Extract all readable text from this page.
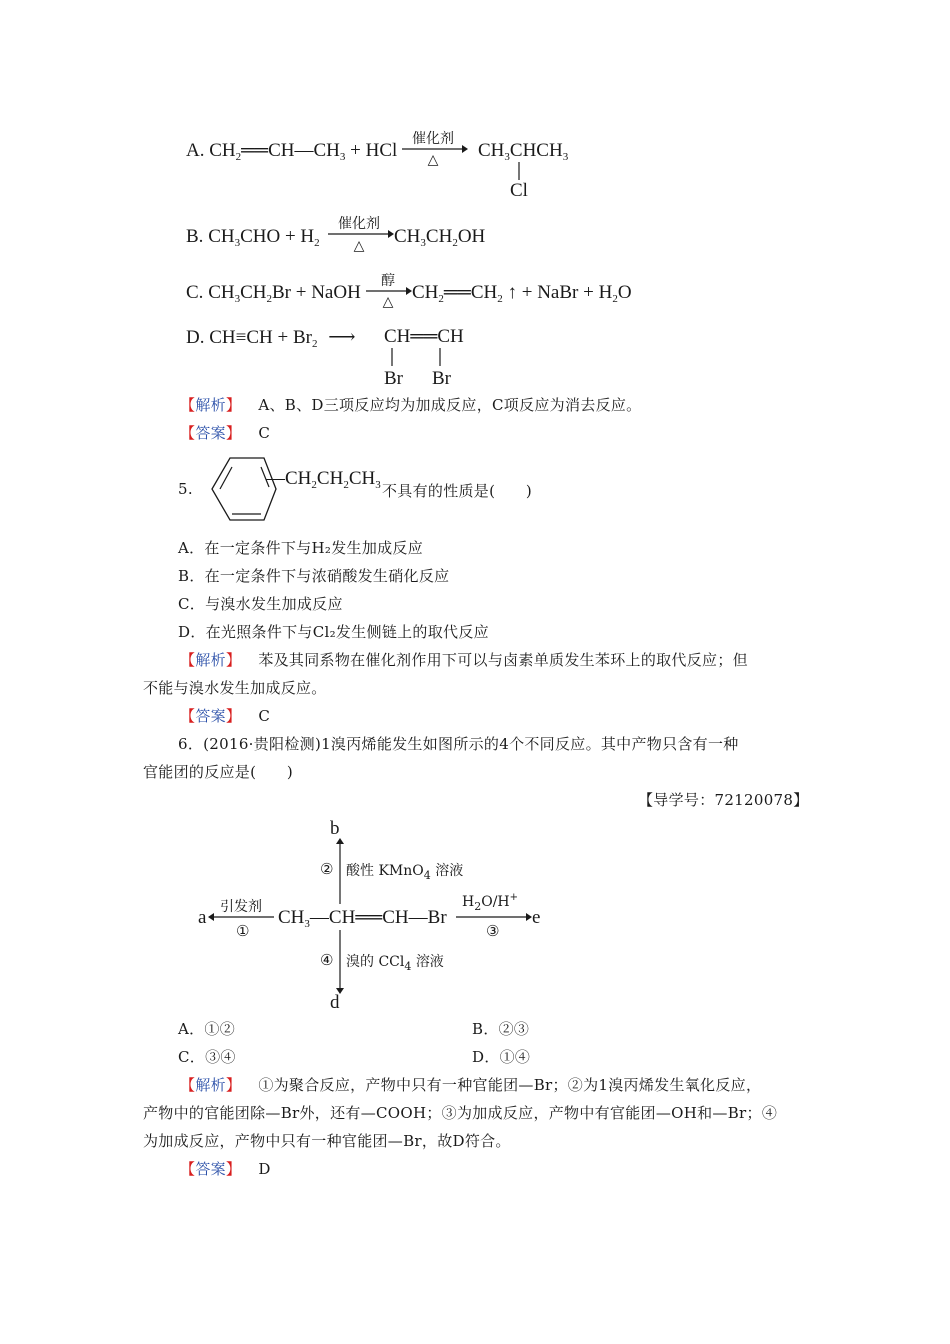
A. $CH_2══CH—CH_3$ + HCl
催化剂
△	$CH_3CHCH_3$
Cl
B. $CH_3CHO + H_2$
催化剂
△	$CH_3CH_2OH$
C. $CH_3CH_2Br$ + NaOH
醇
△ $CH_2══CH_2$ ↑ + NaBr + $H_2O$
D. $CH\equiv CH + Br_2$ ⟶ CH══CH
Br Br
【解析】 A、B、D三项反应均为加成反应，C项反应为消去反应。
【答案】 C
5.	$—CH_2CH_2CH_3$ 不具有的性质是(　　)
A．在一定条件下与H₂发生加成反应
B．在一定条件下与浓硝酸发生硝化反应
C．与溴水发生加成反应
D．在光照条件下与Cl₂发生侧链上的取代反应
【解析】 苯及其同系物在催化剂作用下可以与卤素单质发生苯环上的取代反应；但
不能与溴水发生加成反应。
【答案】 C
6．(2016·贵阳检测)1溴丙烯能发生如图所示的4个不同反应。其中产物只含有一种
官能团的反应是(　　)
【导学号：72120078】
b
② 酸性 KMnO$_4$ 溶液
a 引发剂
①
$CH_3—CH══CH—Br$
$H_2O/H^+$
③
e
④ 溴的 CCl$_4$ 溶液
d
A．①②	B．②③
C．③④	D．①④
【解析】 ①为聚合反应，产物中只有一种官能团—Br；②为1溴丙烯发生氧化反应，
产物中的官能团除—Br外，还有—COOH；③为加成反应，产物中有官能团—OH和—Br；④
为加成反应，产物中只有一种官能团—Br，故D符合。
【答案】 D
